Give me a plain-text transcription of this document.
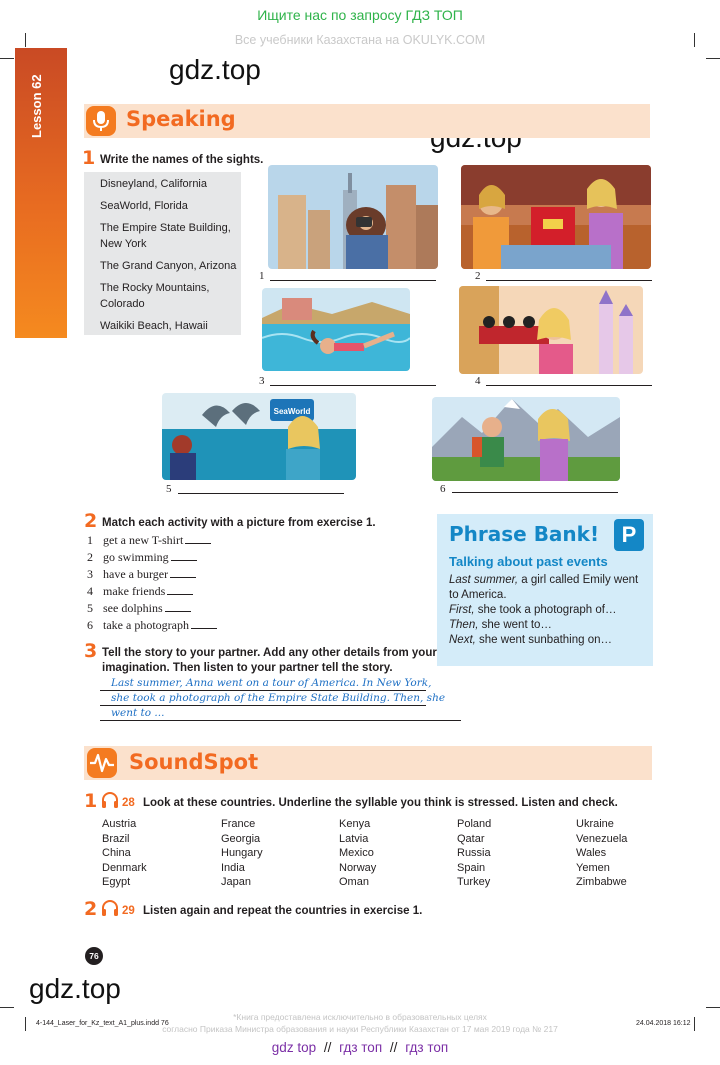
Ищите нас по запросу ГДЗ ТОП
Все учебники Казахстана на OKULYK.COM
gdz.top
gdz.top
Lesson 62	Speaking
1 Write the names of the sights.
Disneyland, California
SeaWorld, Florida
The Empire State Building, New York
The Grand Canyon, Arizona
The Rocky Mountains, Colorado
Waikiki Beach, Hawaii
1	2
3	4
SeaWorld
5	6
2 Match each activity with a picture from exercise 1.
1 get a new T-shirt
2 go swimming
3 have a burger
4 make friends
5 see dolphins
6 take a photograph
Phrase Bank!	P
Talking about past events
Last summer, a girl called Emily went
to America.
First, she took a photograph of…
Then, she went to…
Next, she went sunbathing on…
3 Tell the story to your partner. Add any other details from your
imagination. Then listen to your partner tell the story.
Last summer, Anna went on a tour of America. In New York,
she took a photograph of the Empire State Building. Then, she
went to ...
SoundSpot
1 28 Look at these countries. Underline the syllable you think is stressed. Listen and check.
Austria
Brazil
China
Denmark
Egypt
France
Georgia
Hungary
India
Japan
Kenya
Latvia
Mexico
Norway
Oman
Poland
Qatar
Russia
Spain
Turkey
Ukraine
Venezuela
Wales
Yemen
Zimbabwe
2 29 Listen again and repeat the countries in exercise 1.
76
4-144_Laser_for_Kz_text_A1_plus.indd 76	24.04.2018 16:12
*Книга предоставлена исключительно в образовательных целях
согласно Приказа Министра образования и науки Республики Казахстан от 17 мая 2019 года № 217
gdz top // гдз топ // гдз топ
